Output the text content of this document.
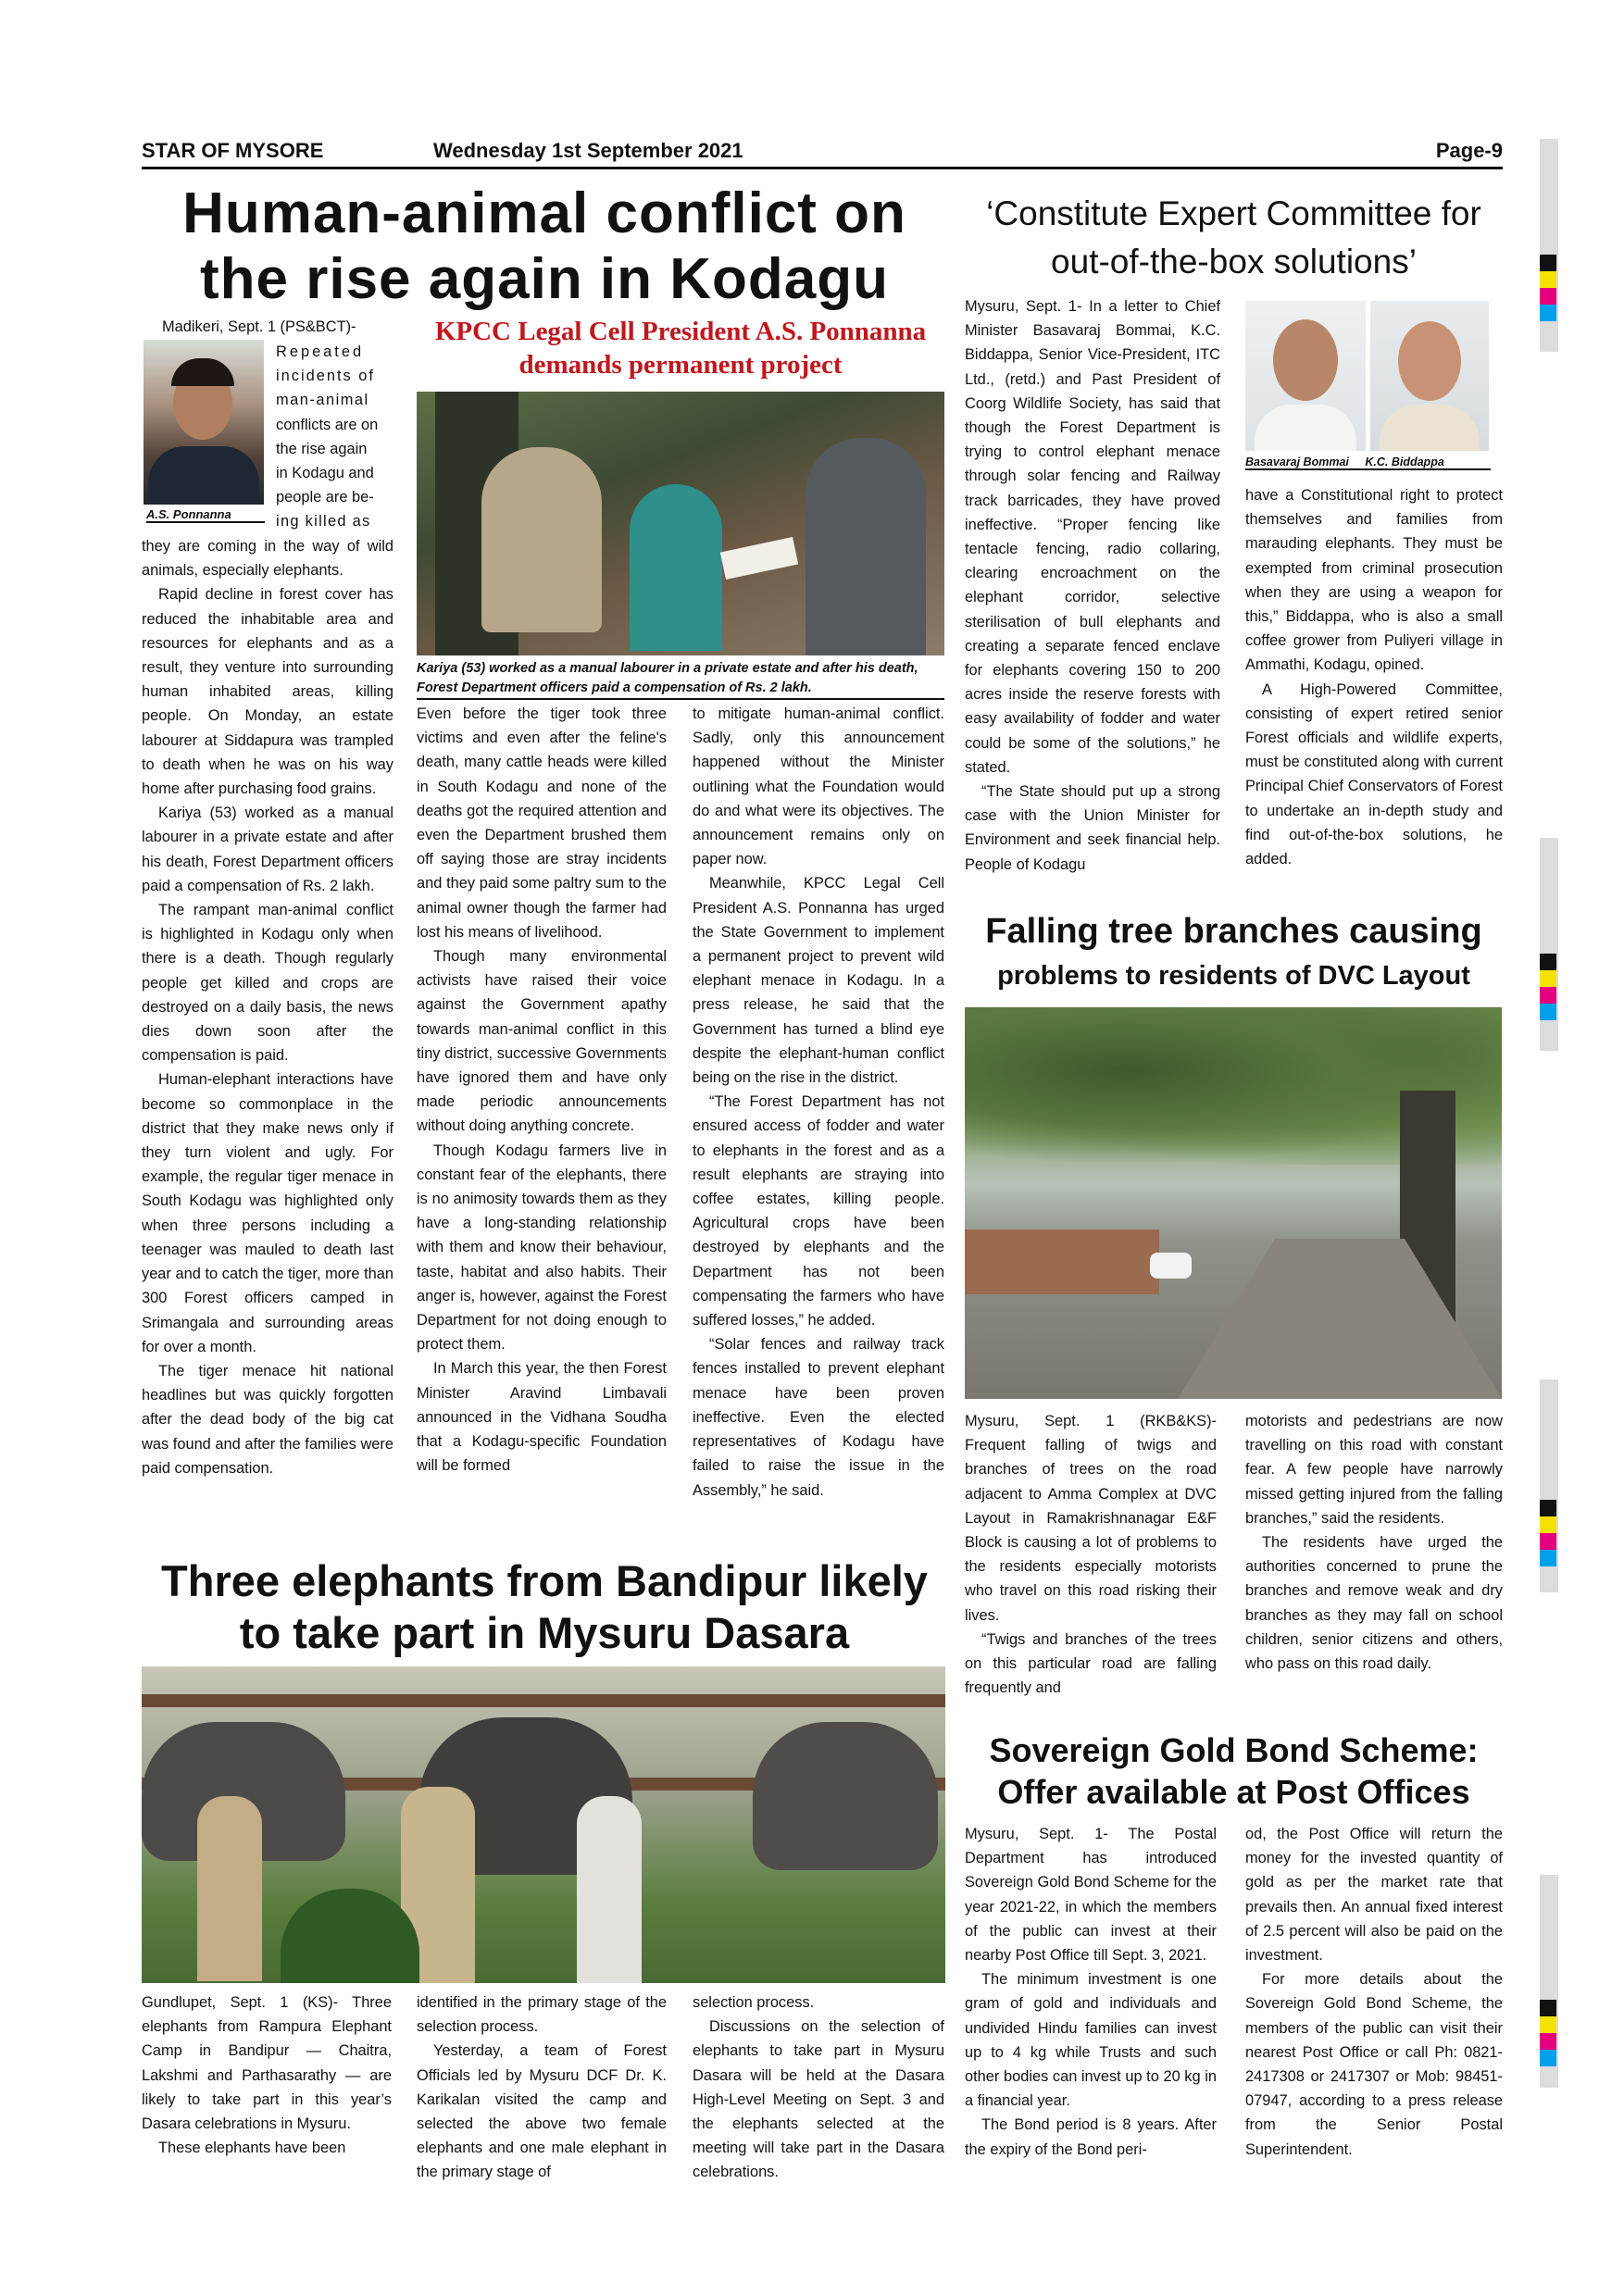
STAR OF MYSORE	Wednesday 1st September 2021	Page-9
Human-animal conflict on the rise again in Kodagu

Madikeri, Sept. 1 (PS&BCT)-

A.S. Ponnanna

Repeated

incidents of

man-animal

conflicts are on

the rise again

in Kodagu and

people are be-

ing killed as

they are coming in the way of wild animals, especially elephants.

Rapid decline in forest cover has reduced the inhabitable area and resources for elephants and as a result, they venture into surrounding human inhabited areas, killing people. On Monday, an estate labourer at Siddapura was trampled to death when he was on his way home after purchasing food grains.

Kariya (53) worked as a manual labourer in a private estate and after his death, Forest Department officers paid a compensation of Rs. 2 lakh.

The rampant man-animal conflict is highlighted in Kodagu only when there is a death. Though regularly people get killed and crops are destroyed on a daily basis, the news dies down soon after the compensation is paid.

Human-elephant interactions have become so commonplace in the district that they make news only if they turn violent and ugly. For example, the regular tiger menace in South Kodagu was highlighted only when three persons including a teenager was mauled to death last year and to catch the tiger, more than 300 Forest officers camped in Srimangala and surrounding areas for over a month.

The tiger menace hit national headlines but was quickly forgotten after the dead body of the big cat was found and after the families were paid compensation.

KPCC Legal Cell President A.S. Ponnanna demands permanent project
Kariya (53) worked as a manual labourer in a private estate and after his death, Forest Department officers paid a compensation of Rs. 2 lakh.

Even before the tiger took three victims and even after the feline's death, many cattle heads were killed in South Kodagu and none of the deaths got the required attention and even the Department brushed them off saying those are stray incidents and they paid some paltry sum to the animal owner though the farmer had lost his means of livelihood.

Though many environmental activists have raised their voice against the Government apathy towards man-animal conflict in this tiny district, successive Governments have ignored them and have only made periodic announcements without doing anything concrete.

Though Kodagu farmers live in constant fear of the elephants, there is no animosity towards them as they have a long-standing relationship with them and know their behaviour, taste, habitat and also habits. Their anger is, however, against the Forest Department for not doing enough to protect them.

In March this year, the then Forest Minister Aravind Limbavali announced in the Vidhana Soudha that a Kodagu-specific Foundation will be formed

to mitigate human-animal conflict. Sadly, only this announcement happened without the Minister outlining what the Foundation would do and what were its objectives. The announcement remains only on paper now.

Meanwhile, KPCC Legal Cell President A.S. Ponnanna has urged the State Government to implement a permanent project to prevent wild elephant menace in Kodagu. In a press release, he said that the Government has turned a blind eye despite the elephant-human conflict being on the rise in the district.

“The Forest Department has not ensured access of fodder and water to elephants in the forest and as a result elephants are straying into coffee estates, killing people. Agricultural crops have been destroyed by elephants and the Department has not been compensating the farmers who have suffered losses,” he added.

“Solar fences and railway track fences installed to prevent elephant menace have been proven ineffective. Even the elected representatives of Kodagu have failed to raise the issue in the Assembly,” he said.

‘Constitute Expert Committee for out-of-the-box solutions’

Mysuru, Sept. 1- In a letter to Chief Minister Basavaraj Bommai, K.C. Biddappa, Senior Vice-President, ITC Ltd., (retd.) and Past President of Coorg Wildlife Society, has said that though the Forest Department is trying to control elephant menace through solar fencing and Railway track barricades, they have proved ineffective. “Proper fencing like tentacle fencing, radio collaring, clearing encroachment on the elephant corridor, selective sterilisation of bull elephants and creating a separate fenced enclave for elephants covering 150 to 200 acres inside the reserve forests with easy availability of fodder and water could be some of the solutions,” he stated.

“The State should put up a strong case with the Union Minister for Environment and seek financial help. People of Kodagu

Basavaraj Bommai K.C. Biddappa

have a Constitutional right to protect themselves and families from marauding elephants. They must be exempted from criminal prosecution when they are using a weapon for this,” Biddappa, who is also a small coffee grower from Puliyeri village in Ammathi, Kodagu, opined.

A High-Powered Committee, consisting of expert retired senior Forest officials and wildlife experts, must be constituted along with current Principal Chief Conservators of Forest to undertake an in-depth study and find out-of-the-box solutions, he added.

Falling tree branches causing
problems to residents of DVC Layout

Mysuru, Sept. 1 (RKB&KS)- Frequent falling of twigs and branches of trees on the road adjacent to Amma Complex at DVC Layout in Ramakrishnanagar E&F Block is causing a lot of problems to the residents especially motorists who travel on this road risking their lives.

“Twigs and branches of the trees on this particular road are falling frequently and

motorists and pedestrians are now travelling on this road with constant fear. A few people have narrowly missed getting injured from the falling branches,” said the residents.

The residents have urged the authorities concerned to prune the branches and remove weak and dry branches as they may fall on school children, senior citizens and others, who pass on this road daily.

Three elephants from Bandipur likely to take part in Mysuru Dasara

Gundlupet, Sept. 1 (KS)- Three elephants from Rampura Elephant Camp in Bandipur — Chaitra, Lakshmi and Parthasarathy — are likely to take part in this year’s Dasara celebrations in Mysuru.

These elephants have been

identified in the primary stage of the selection process.

Yesterday, a team of Forest Officials led by Mysuru DCF Dr. K. Karikalan visited the camp and selected the above two female elephants and one male elephant in the primary stage of

selection process.

Discussions on the selection of elephants to take part in Mysuru Dasara will be held at the Dasara High-Level Meeting on Sept. 3 and the elephants selected at the meeting will take part in the Dasara celebrations.

Sovereign Gold Bond Scheme: Offer available at Post Offices

Mysuru, Sept. 1- The Postal Department has introduced Sovereign Gold Bond Scheme for the year 2021-22, in which the members of the public can invest at their nearby Post Office till Sept. 3, 2021.

The minimum investment is one gram of gold and individuals and undivided Hindu families can invest up to 4 kg while Trusts and such other bodies can invest up to 20 kg in a financial year.

The Bond period is 8 years. After the expiry of the Bond peri-

od, the Post Office will return the money for the invested quantity of gold as per the market rate that prevails then. An annual fixed interest of 2.5 percent will also be paid on the investment.

For more details about the Sovereign Gold Bond Scheme, the members of the public can visit their nearest Post Office or call Ph: 0821-2417308 or 2417307 or Mob: 98451-07947, according to a press release from the Senior Postal Superintendent.
